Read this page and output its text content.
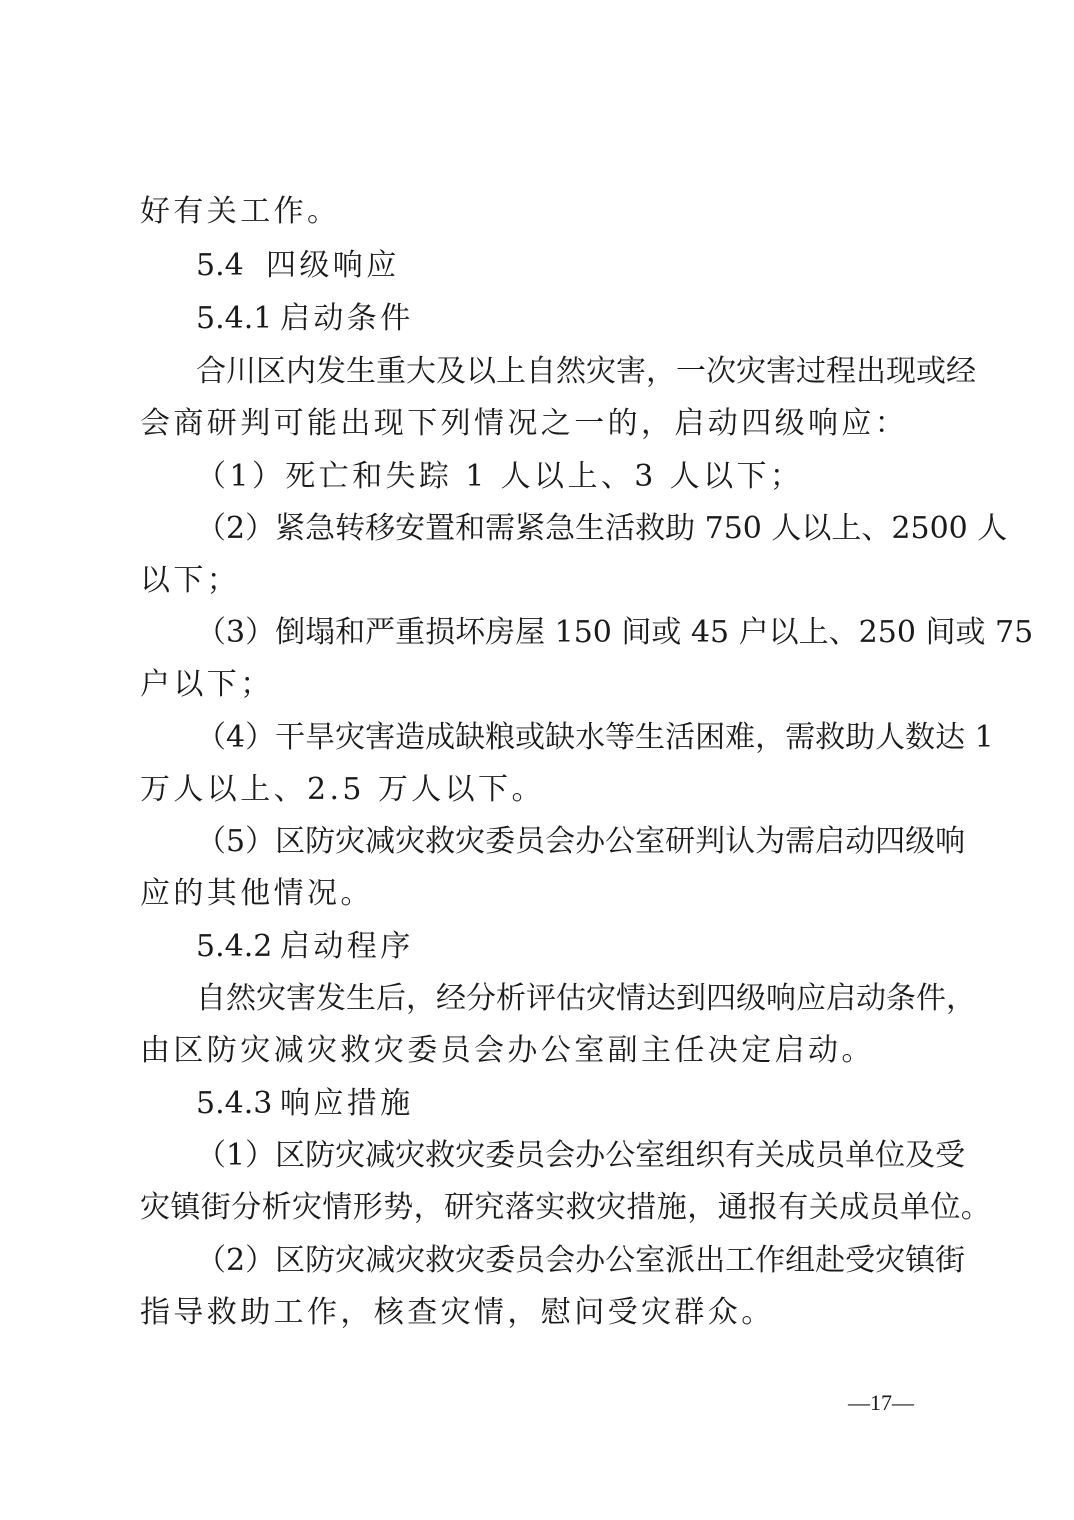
好有关工作。
5.4 四级响应
5.4.1 启动条件
合川区内发生重大及以上自然灾害，一次灾害过程出现或经
会商研判可能出现下列情况之一的，启动四级响应：
（1）死亡和失踪 1 人以上、3 人以下；
（2）紧急转移安置和需紧急生活救助 750 人以上、2500 人
以下；
（3）倒塌和严重损坏房屋 150 间或 45 户以上、250 间或 75
户以下；
（4）干旱灾害造成缺粮或缺水等生活困难，需救助人数达 1
万人以上、2.5 万人以下。
（5）区防灾减灾救灾委员会办公室研判认为需启动四级响
应的其他情况。
5.4.2 启动程序
自然灾害发生后，经分析评估灾情达到四级响应启动条件，
由区防灾减灾救灾委员会办公室副主任决定启动。
5.4.3 响应措施
（1）区防灾减灾救灾委员会办公室组织有关成员单位及受
灾镇街分析灾情形势，研究落实救灾措施，通报有关成员单位。
（2）区防灾减灾救灾委员会办公室派出工作组赴受灾镇街
指导救助工作，核查灾情，慰问受灾群众。
—17—
